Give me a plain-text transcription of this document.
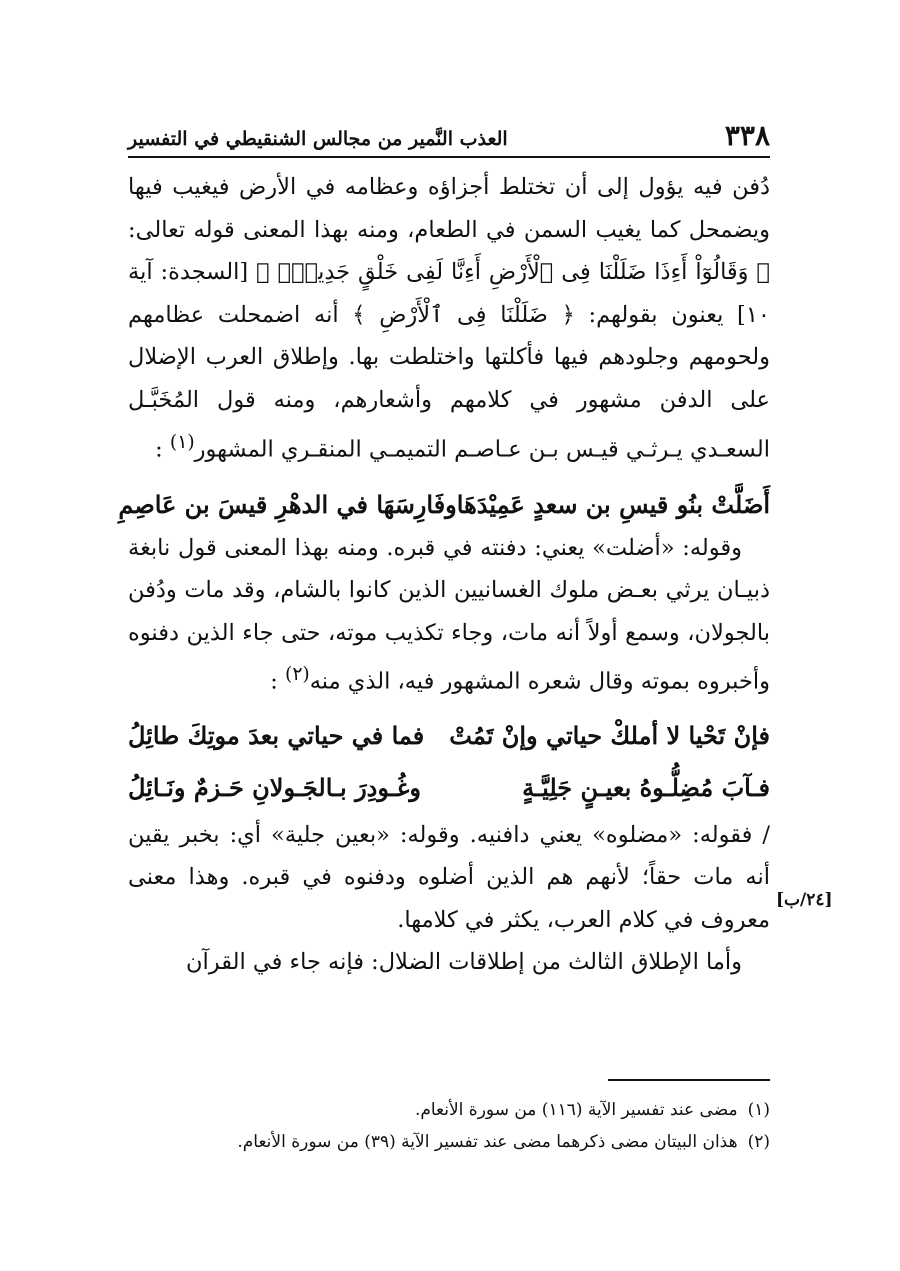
٣٣٨
العذب النَّمير من مجالس الشنقيطي في التفسير

دُفن فيه يؤول إلى أن تختلط أجزاؤه وعظامه في الأرض فيغيب فيها ويضمحل كما يغيب السمن في الطعام، ومنه بهذا المعنى قوله تعالى: ﴿ وَقَالُوٓاْ أَءِذَا ضَلَلْنَا فِى ٱلْأَرْضِ أَءِنَّا لَفِى خَلْقٍ جَدِيدٍۭ ﴾ [السجدة: آية ١٠] يعنون بقولهم: ﴿ ضَلَلْنَا فِى ٱلْأَرْضِ ﴾ أنه اضمحلت عظامهم ولحومهم وجلودهم فيها فأكلتها واختلطت بها. وإطلاق العرب الإضلال على الدفن مشهور في كلامهم وأشعارهم، ومنه قول المُخَبَّـل السعـدي يـرثـي قيـس بـن عـاصـم التميمـي المنقـري المشهور$^{(١)}$ :

أَضَلَّتْ بنُو قيسِ بن سعدٍ عَمِيْدَهَا
وفَارِسَهَا في الدهْرِ قيسَ بن عَاصِمِ

وقوله: «أضلت» يعني: دفنته في قبره. ومنه بهذا المعنى قول نابغة ذبيـان يرثي بعـض ملوك الغسانيين الذين كانوا بالشام، وقد مات ودُفن بالجولان، وسمع أولاً أنه مات، وجاء تكذيب موته، حتى جاء الذين دفنوه وأخبروه بموته وقال شعره المشهور فيه، الذي منه$^{(٢)}$ :

فإنْ تَحْيا لا أملكْ حياتي وإنْ تَمُتْ
فما في حياتي بعدَ موتِكَ طائِلُ
فـآبَ مُضِلُّـوهُ بعيـنٍ جَلِيَّـةٍ
وغُـودِرَ بـالجَـولانِ حَـزمٌ ونَـائِلُ

/ فقوله: «مضلوه» يعني دافنيه. وقوله: «بعين جلية» أي: بخبر يقين أنه مات حقاً؛ لأنهم هم الذين أضلوه ودفنوه في قبره. وهذا معنى معروف في كلام العرب، يكثر في كلامها.

وأما الإطلاق الثالث من إطلاقات الضلال: فإنه جاء في القرآن

[٢٤/ب]

(١)مضى عند تفسير الآية (١١٦) من سورة الأنعام.

(٢)هذان البيتان مضى ذكرهما مضى عند تفسير الآية (٣٩) من سورة الأنعام.
